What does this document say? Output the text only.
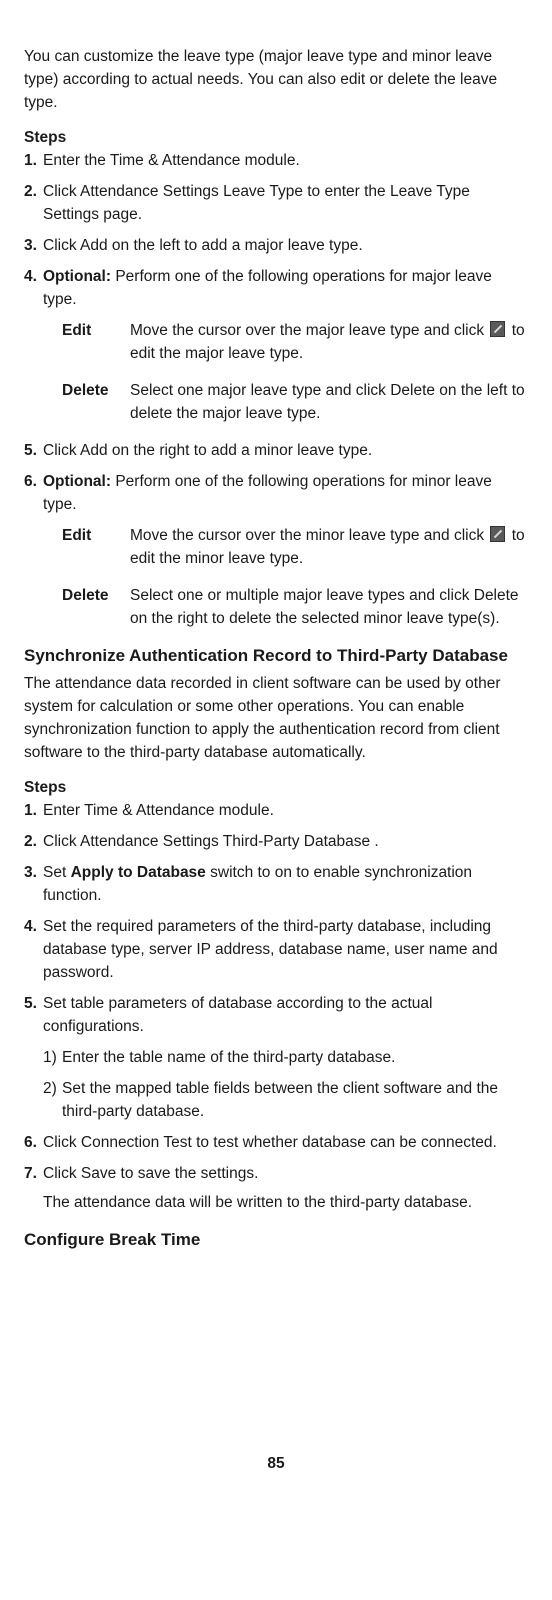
You can customize the leave type (major leave type and minor leave type) according to actual needs. You can also edit or delete the leave type.

Steps

1. Enter the Time & Attendance module.
2. Click Attendance Settings Leave Type to enter the Leave Type Settings page.
3. Click Add on the left to add a major leave type.
4. Optional: Perform one of the following operations for major leave type.
Edit	Move the cursor over the major leave type and click  to edit the major leave type.
Delete	Select one major leave type and click Delete on the left to delete the major leave type.
5. Click Add on the right to add a minor leave type.
6. Optional: Perform one of the following operations for minor leave type.
Edit	Move the cursor over the minor leave type and click  to edit the minor leave type.
Delete	Select one or multiple major leave types and click Delete on the right to delete the selected minor leave type(s).
Synchronize Authentication Record to Third-Party Database

The attendance data recorded in client software can be used by other system for calculation or some other operations. You can enable synchronization function to apply the authentication record from client software to the third-party database automatically.

Steps

1. Enter Time & Attendance module.
2. Click Attendance Settings Third-Party Database .
3. Set Apply to Database switch to on to enable synchronization function.
4. Set the required parameters of the third-party database, including database type, server IP address, database name, user name and password.
5. Set table parameters of database according to the actual configurations.
1) Enter the table name of the third-party database.
2) Set the mapped table fields between the client software and the third-party database.
6. Click Connection Test to test whether database can be connected.
7. Click Save to save the settings.

The attendance data will be written to the third-party database.

Configure Break Time
85
